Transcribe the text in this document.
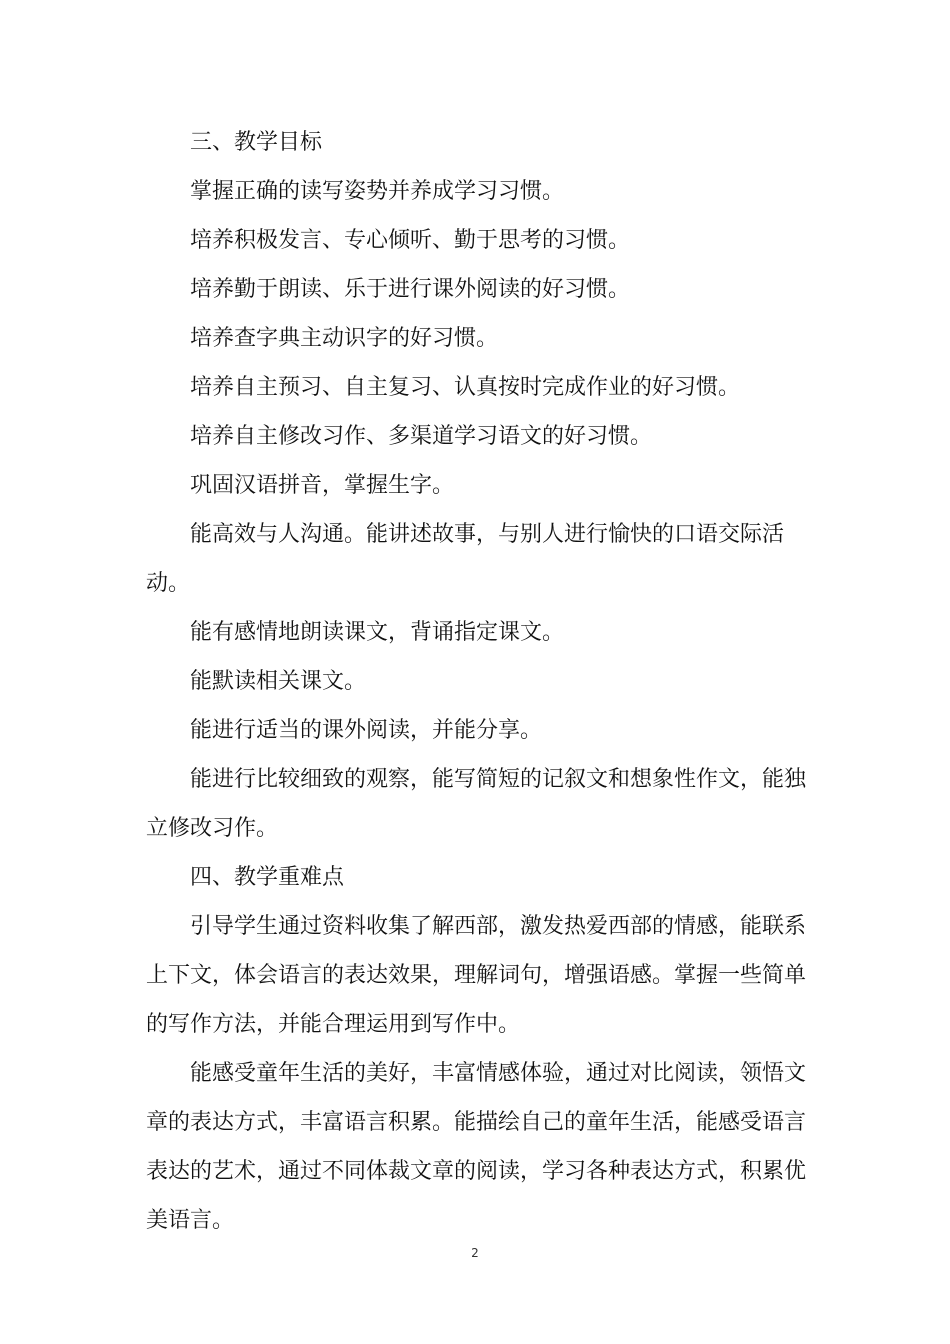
三、教学目标

掌握正确的读写姿势并养成学习习惯。

培养积极发言、专心倾听、勤于思考的习惯。

培养勤于朗读、乐于进行课外阅读的好习惯。

培养查字典主动识字的好习惯。

培养自主预习、自主复习、认真按时完成作业的好习惯。

培养自主修改习作、多渠道学习语文的好习惯。

巩固汉语拼音，掌握生字。

能高效与人沟通。能讲述故事，与别人进行愉快的口语交际活动。

能有感情地朗读课文，背诵指定课文。

能默读相关课文。

能进行适当的课外阅读，并能分享。

能进行比较细致的观察，能写简短的记叙文和想象性作文，能独立修改习作。

四、教学重难点

引导学生通过资料收集了解西部，激发热爱西部的情感，能联系上下文，体会语言的表达效果，理解词句，增强语感。掌握一些简单的写作方法，并能合理运用到写作中。

能感受童年生活的美好，丰富情感体验，通过对比阅读，领悟文章的表达方式，丰富语言积累。能描绘自己的童年生活，能感受语言表达的艺术，通过不同体裁文章的阅读，学习各种表达方式，积累优美语言。

2
